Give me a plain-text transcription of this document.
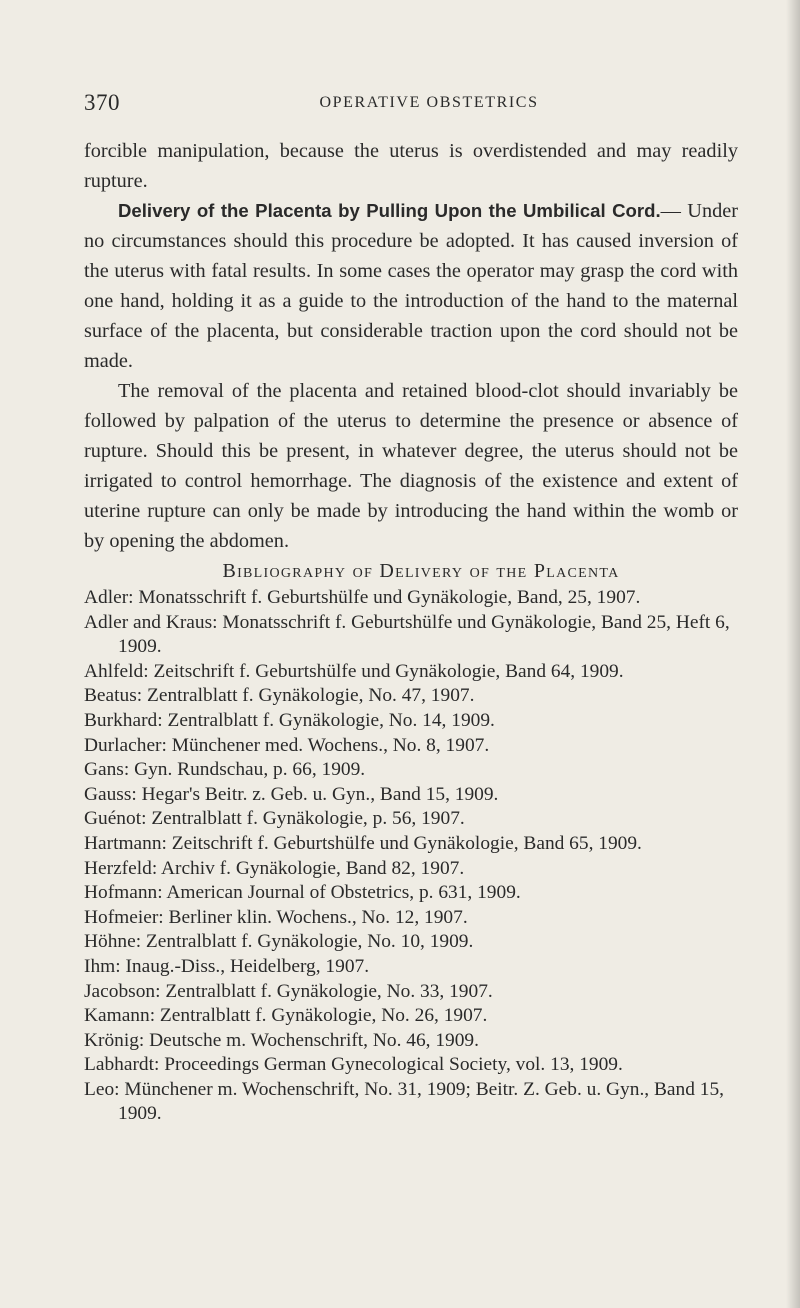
370	OPERATIVE OBSTETRICS

forcible manipulation, because the uterus is overdistended and may readily rupture.

Delivery of the Placenta by Pulling Upon the Umbilical Cord.— Under no circumstances should this procedure be adopted. It has caused inversion of the uterus with fatal results. In some cases the operator may grasp the cord with one hand, holding it as a guide to the introduction of the hand to the maternal surface of the placenta, but considerable traction upon the cord should not be made.

The removal of the placenta and retained blood-clot should invariably be followed by palpation of the uterus to determine the presence or absence of rupture. Should this be present, in whatever degree, the uterus should not be irrigated to control hemorrhage. The diagnosis of the existence and extent of uterine rupture can only be made by introducing the hand within the womb or by opening the abdomen.

Bibliography of Delivery of the Placenta

Adler: Monatsschrift f. Geburtshülfe und Gynäkologie, Band, 25, 1907.
Adler and Kraus: Monatsschrift f. Geburtshülfe und Gynäkologie, Band 25, Heft 6, 1909.
Ahlfeld: Zeitschrift f. Geburtshülfe und Gynäkologie, Band 64, 1909.
Beatus: Zentralblatt f. Gynäkologie, No. 47, 1907.
Burkhard: Zentralblatt f. Gynäkologie, No. 14, 1909.
Durlacher: Münchener med. Wochens., No. 8, 1907.
Gans: Gyn. Rundschau, p. 66, 1909.
Gauss: Hegar's Beitr. z. Geb. u. Gyn., Band 15, 1909.
Guénot: Zentralblatt f. Gynäkologie, p. 56, 1907.
Hartmann: Zeitschrift f. Geburtshülfe und Gynäkologie, Band 65, 1909.
Herzfeld: Archiv f. Gynäkologie, Band 82, 1907.
Hofmann: American Journal of Obstetrics, p. 631, 1909.
Hofmeier: Berliner klin. Wochens., No. 12, 1907.
Höhne: Zentralblatt f. Gynäkologie, No. 10, 1909.
Ihm: Inaug.-Diss., Heidelberg, 1907.
Jacobson: Zentralblatt f. Gynäkologie, No. 33, 1907.
Kamann: Zentralblatt f. Gynäkologie, No. 26, 1907.
Krönig: Deutsche m. Wochenschrift, No. 46, 1909.
Labhardt: Proceedings German Gynecological Society, vol. 13, 1909.
Leo: Münchener m. Wochenschrift, No. 31, 1909; Beitr. Z. Geb. u. Gyn., Band 15, 1909.
